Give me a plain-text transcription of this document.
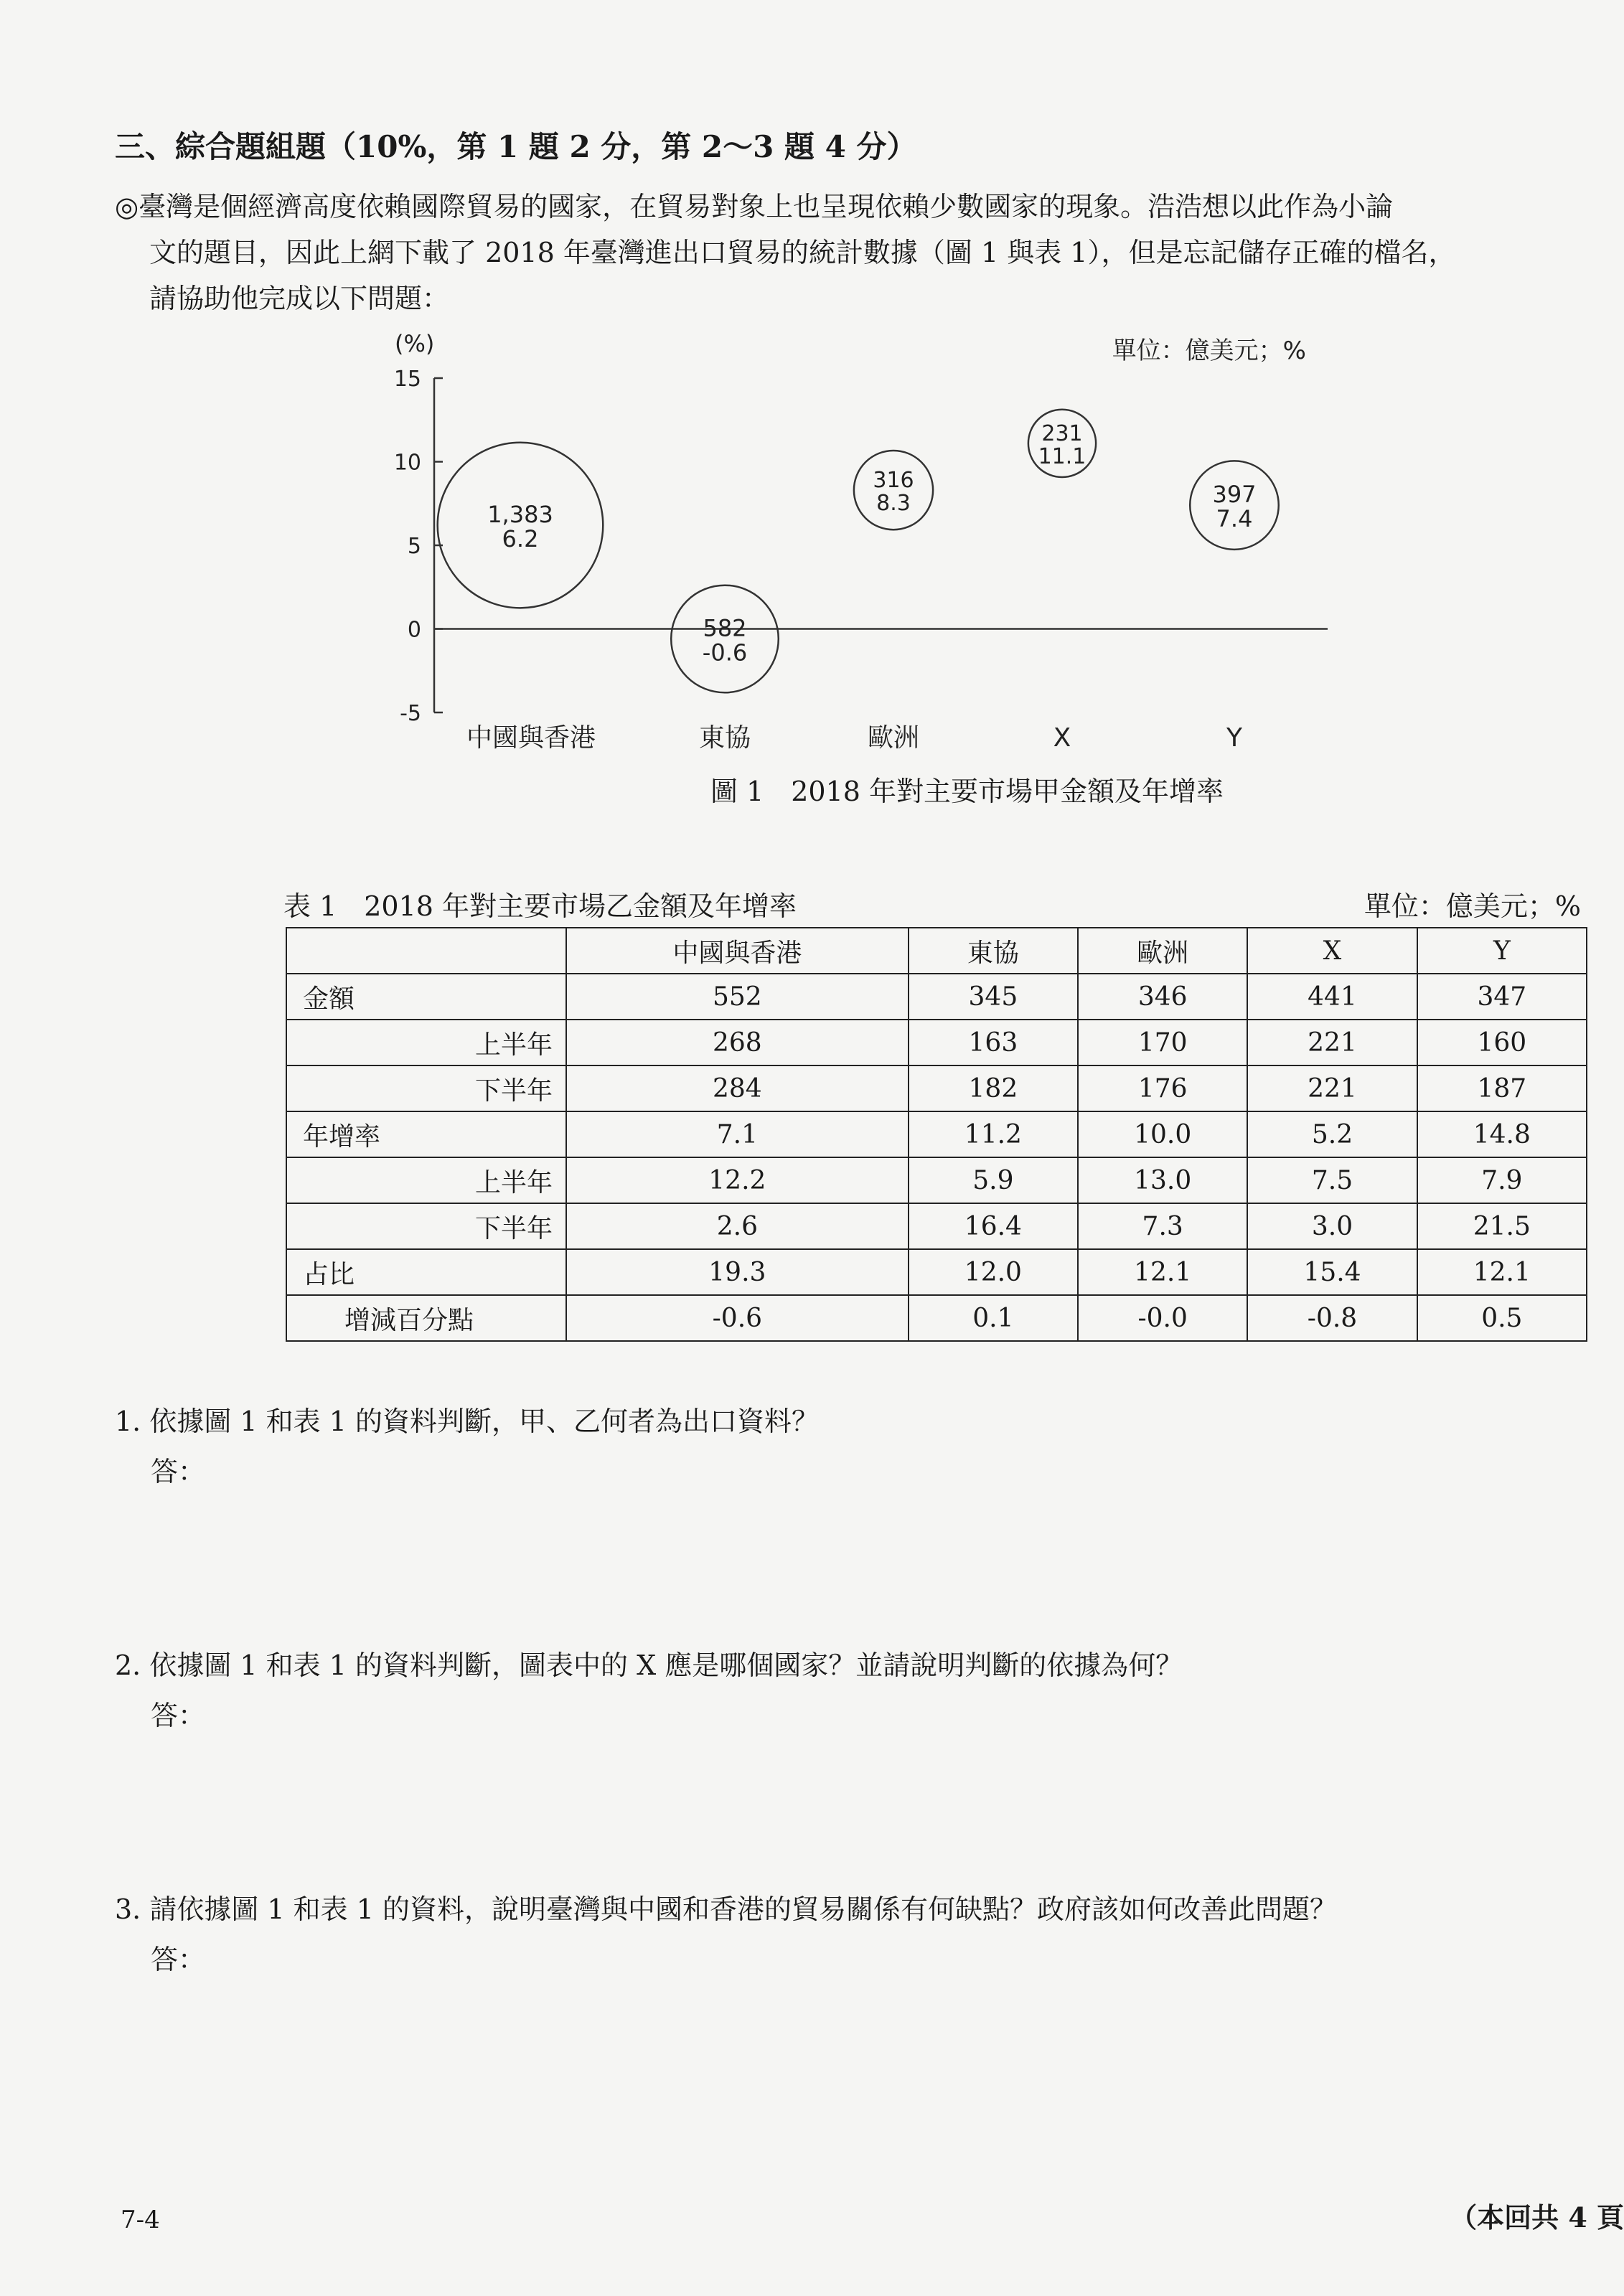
三、綜合題組題（10%，第 1 題 2 分，第 2〜3 題 4 分）

◎臺灣是個經濟高度依賴國際貿易的國家，在貿易對象上也呈現依賴少數國家的現象。浩浩想以此作為小論
文的題目，因此上網下載了 2018 年臺灣進出口貿易的統計數據（圖 1 與表 1），但是忘記儲存正確的檔名，
請協助他完成以下問題：
(%)	單位：億美元；%
15
10
5
0
-5
1,383
6.2
582
-0.6
316
8.3
231
11.1
397
7.4
中國與香港	東協	歐洲	X	Y

圖 1　2018 年對主要市場甲金額及年增率

表 1　2018 年對主要市場乙金額及年增率	單位：億美元；%

	中國與香港	東協	歐洲	X	Y
金額	552	345	346	441	347
上半年	268	163	170	221	160
下半年	284	182	176	221	187
年增率	7.1	11.2	10.0	5.2	14.8
上半年	12.2	5.9	13.0	7.5	7.9
下半年	2.6	16.4	7.3	3.0	21.5
占比	19.3	12.0	12.1	15.4	12.1
增減百分點	-0.6	0.1	-0.0	-0.8	0.5

1. 依據圖 1 和表 1 的資料判斷，甲、乙何者為出口資料？

答：

2. 依據圖 1 和表 1 的資料判斷，圖表中的 X 應是哪個國家？並請說明判斷的依據為何？

答：

3. 請依據圖 1 和表 1 的資料，說明臺灣與中國和香港的貿易關係有何缺點？政府該如何改善此問題？

答：

7-4	（本回共 4 頁
